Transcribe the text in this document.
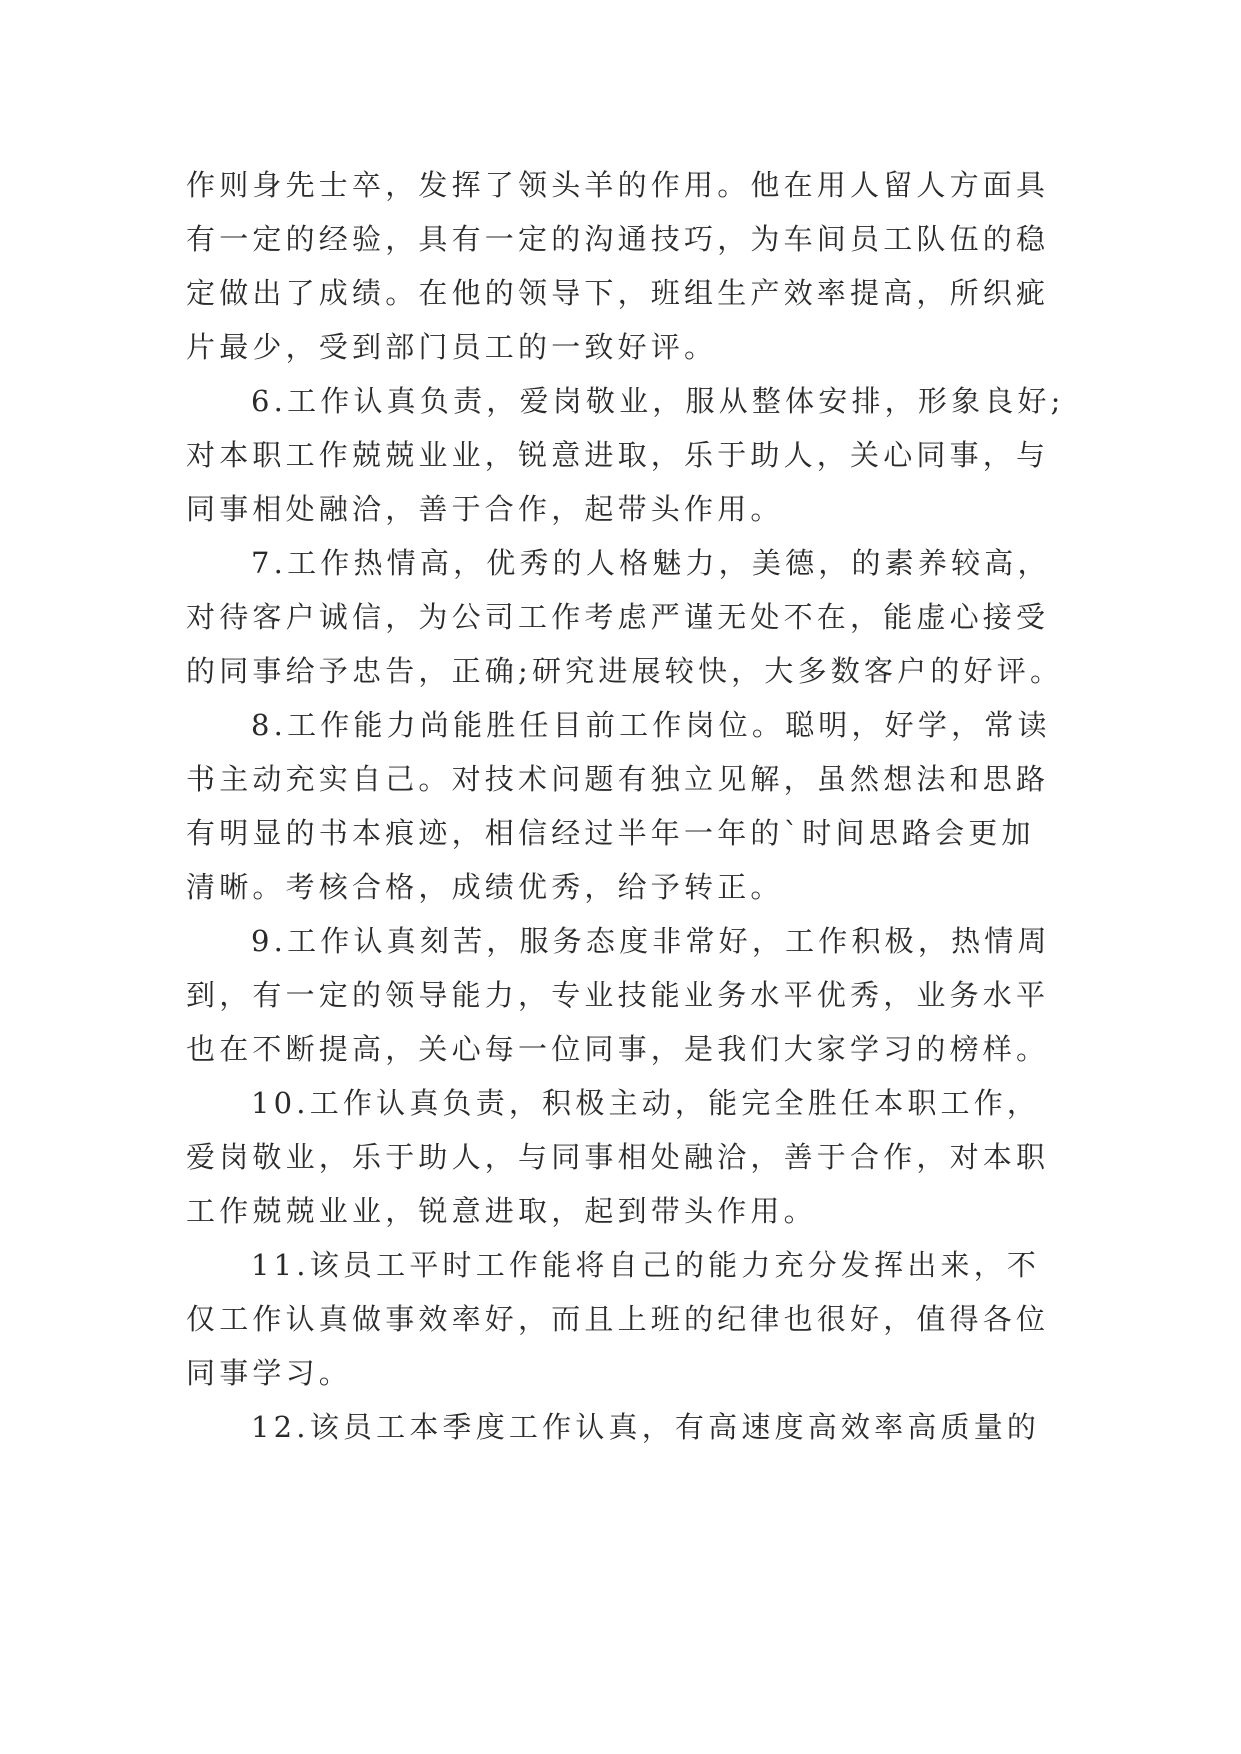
作则身先士卒，发挥了领头羊的作用。他在用人留人方面具
有一定的经验，具有一定的沟通技巧，为车间员工队伍的稳
定做出了成绩。在他的领导下，班组生产效率提高，所织疵
片最少，受到部门员工的一致好评。
6.工作认真负责，爱岗敬业，服从整体安排，形象良好;
对本职工作兢兢业业，锐意进取，乐于助人，关心同事，与
同事相处融洽，善于合作，起带头作用。
7.工作热情高，优秀的人格魅力，美德，的素养较高，
对待客户诚信，为公司工作考虑严谨无处不在，能虚心接受
的同事给予忠告，正确;研究进展较快，大多数客户的好评。
8.工作能力尚能胜任目前工作岗位。聪明，好学，常读
书主动充实自己。对技术问题有独立见解，虽然想法和思路
有明显的书本痕迹，相信经过半年一年的`时间思路会更加
清晰。考核合格，成绩优秀，给予转正。
9.工作认真刻苦，服务态度非常好，工作积极，热情周
到，有一定的领导能力，专业技能业务水平优秀，业务水平
也在不断提高，关心每一位同事，是我们大家学习的榜样。
10.工作认真负责，积极主动，能完全胜任本职工作，
爱岗敬业，乐于助人，与同事相处融洽，善于合作，对本职
工作兢兢业业，锐意进取，起到带头作用。
11.该员工平时工作能将自己的能力充分发挥出来，不
仅工作认真做事效率好，而且上班的纪律也很好，值得各位
同事学习。
12.该员工本季度工作认真，有高速度高效率高质量的
